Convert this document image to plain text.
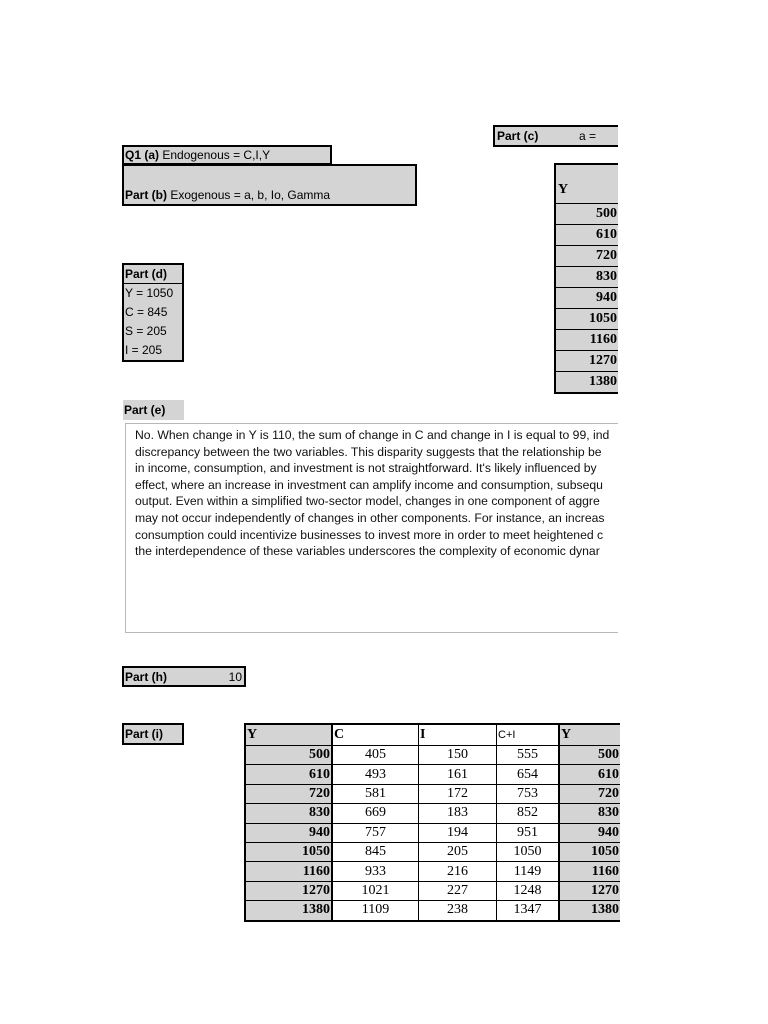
Part (c)	a =
Q1 (a) Endogenous = C,I,Y
Part (b) Exogenous = a, b, Io, Gamma	Y
500
610
720
830
940
1050
1160
1270
1380
Part (d)
Y = 1050
C = 845
S = 205
I = 205
Part (e)
No. When change in Y is 110, the sum of change in C and change in I is equal to 99, ind
discrepancy between the two variables. This disparity suggests that the relationship be
in income, consumption, and investment is not straightforward. It's likely influenced by
effect, where an increase in investment can amplify income and consumption, subsequ
output. Even within a simplified two-sector model, changes in one component of aggre
may not occur independently of changes in other components. For instance, an increas
consumption could incentivize businesses to invest more in order to meet heightened c
the interdependence of these variables underscores the complexity of economic dynar
Part (h)	10
Part (i)	Y	C	I	C+I	Y
500	405	150	555	500
610	493	161	654	610
720	581	172	753	720
830	669	183	852	830
940	757	194	951	940
1050	845	205	1050	1050
1160	933	216	1149	1160
1270	1021	227	1248	1270
1380	1109	238	1347	1380
